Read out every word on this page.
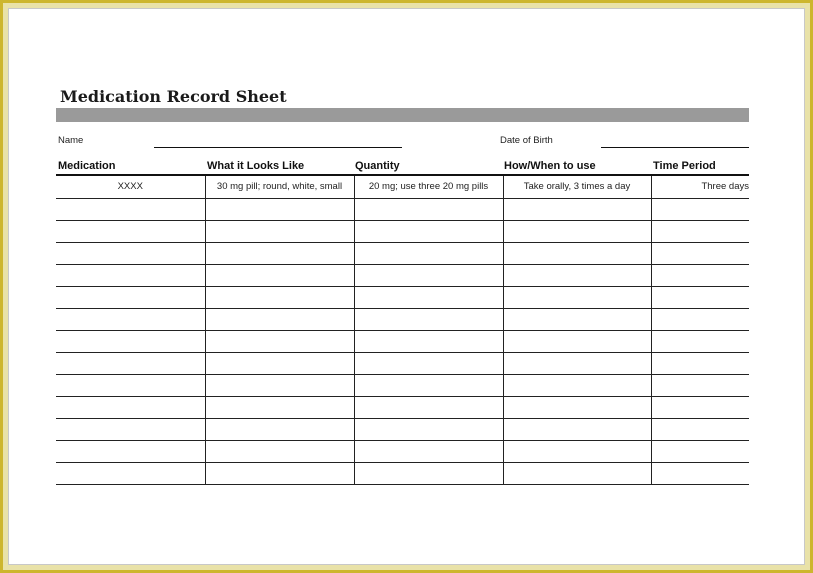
Medication Record Sheet
Name	Date of Birth
Medication	What it Looks Like	Quantity	How/When to use	Time Period
XXXX	30 mg pill; round, white, small	20 mg; use three 20 mg pills	Take orally, 3 times a day	Three days
